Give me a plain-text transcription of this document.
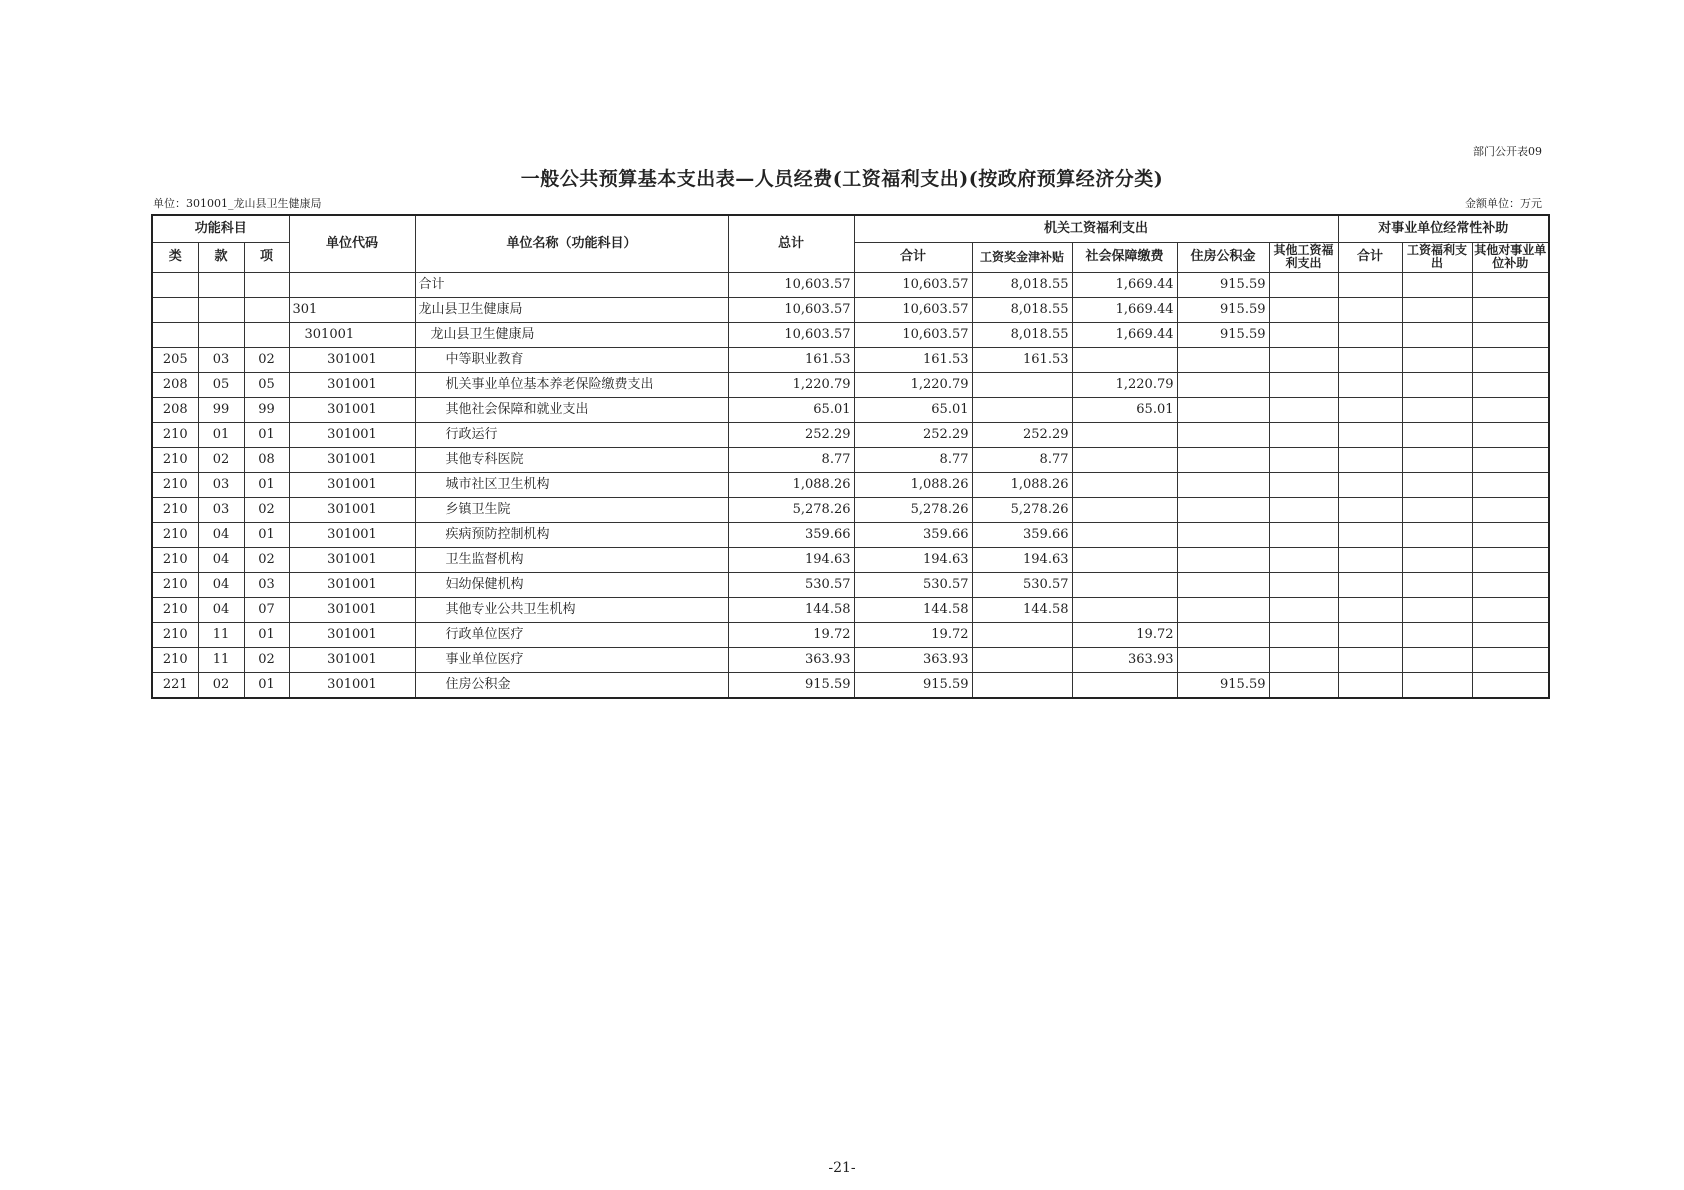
部门公开表09
一般公共预算基本支出表—人员经费(工资福利支出)(按政府预算经济分类)
单位：301001_龙山县卫生健康局	金额单位：万元
功能科目			单位代码	单位名称（功能科目）	总计	机关工资福利支出					对事业单位经常性补助		
类	款	项				合计	工资奖金津补贴	社会保障缴费	住房公积金	其他工资福利支出	合计	工资福利支出	其他对事业单位补助
				合计	10,603.57	10,603.57	8,018.55	1,669.44	915.59				
			301	龙山县卫生健康局	10,603.57	10,603.57	8,018.55	1,669.44	915.59				
			301001	龙山县卫生健康局	10,603.57	10,603.57	8,018.55	1,669.44	915.59				
205	03	02	301001	中等职业教育	161.53	161.53	161.53						
208	05	05	301001	机关事业单位基本养老保险缴费支出	1,220.79	1,220.79		1,220.79					
208	99	99	301001	其他社会保障和就业支出	65.01	65.01		65.01					
210	01	01	301001	行政运行	252.29	252.29	252.29						
210	02	08	301001	其他专科医院	8.77	8.77	8.77						
210	03	01	301001	城市社区卫生机构	1,088.26	1,088.26	1,088.26						
210	03	02	301001	乡镇卫生院	5,278.26	5,278.26	5,278.26						
210	04	01	301001	疾病预防控制机构	359.66	359.66	359.66						
210	04	02	301001	卫生监督机构	194.63	194.63	194.63						
210	04	03	301001	妇幼保健机构	530.57	530.57	530.57						
210	04	07	301001	其他专业公共卫生机构	144.58	144.58	144.58						
210	11	01	301001	行政单位医疗	19.72	19.72		19.72					
210	11	02	301001	事业单位医疗	363.93	363.93		363.93					
221	02	01	301001	住房公积金	915.59	915.59			915.59				
-21-
